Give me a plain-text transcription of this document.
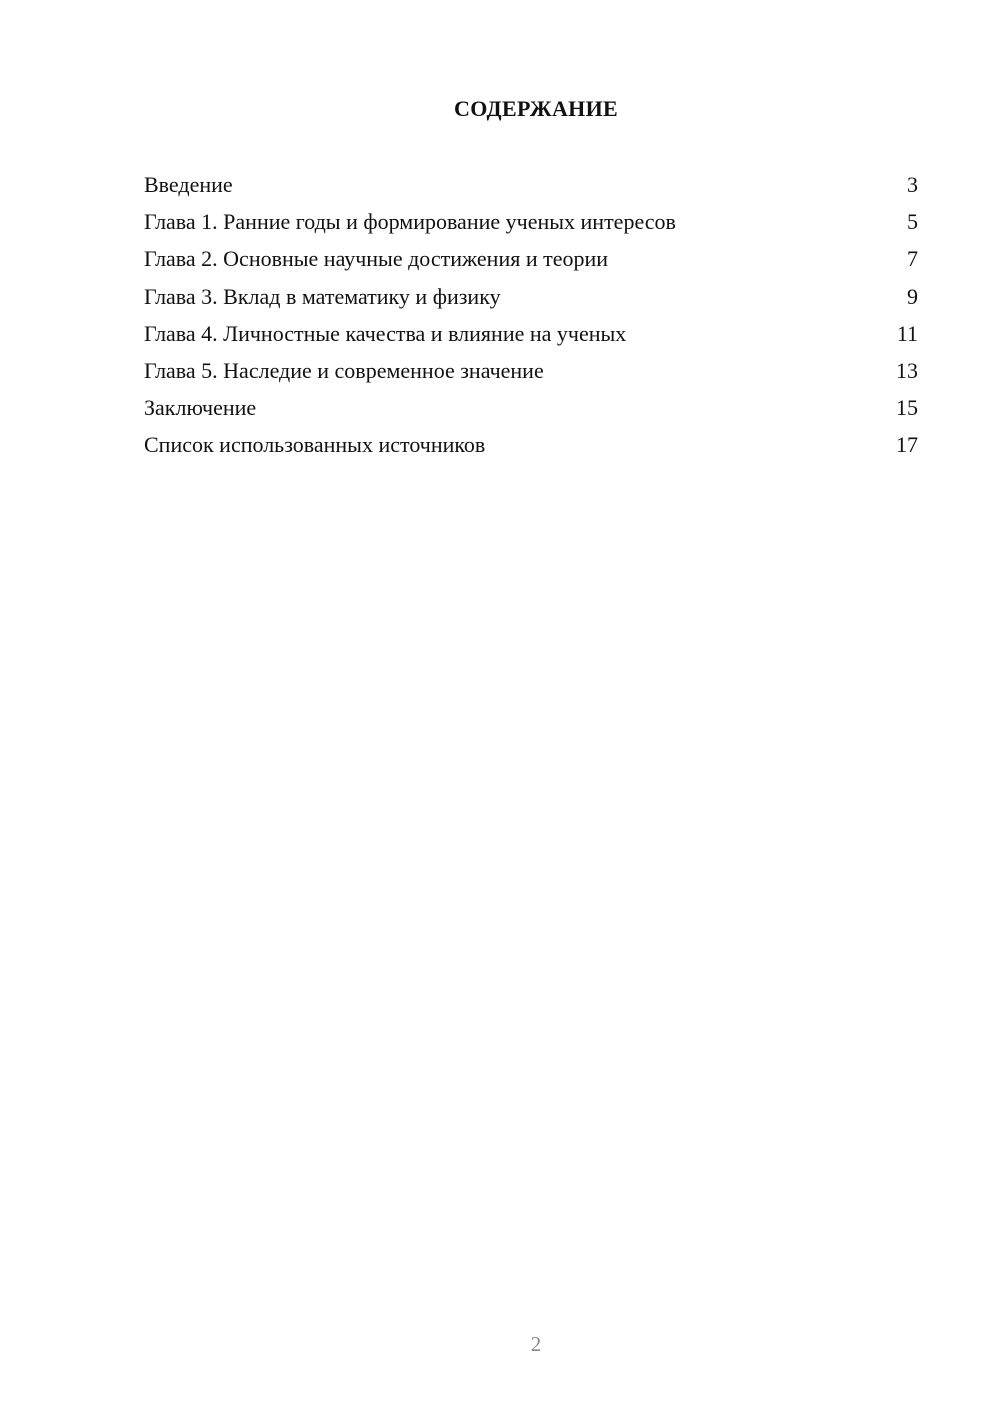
СОДЕРЖАНИЕ
Введение	3
Глава 1. Ранние годы и формирование ученых интересов	5
Глава 2. Основные научные достижения и теории	7
Глава 3. Вклад в математику и физику	9
Глава 4. Личностные качества и влияние на ученых	11
Глава 5. Наследие и современное значение	13
Заключение	15
Список использованных источников	17
2
